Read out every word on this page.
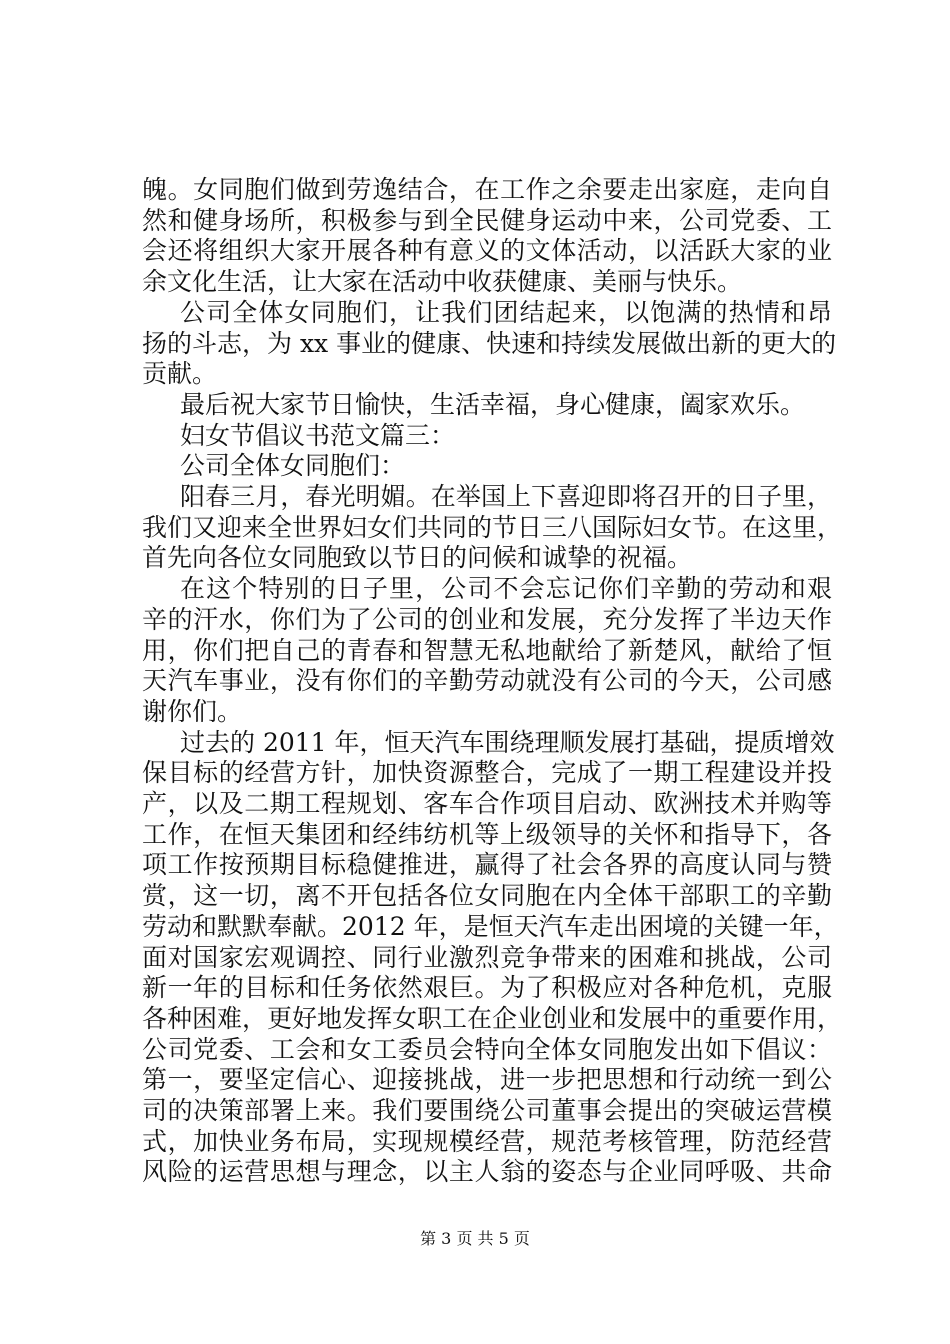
魄。女同胞们做到劳逸结合，在工作之余要走出家庭，走向自
然和健身场所，积极参与到全民健身运动中来，公司党委、工
会还将组织大家开展各种有意义的文体活动，以活跃大家的业
余文化生活，让大家在活动中收获健康、美丽与快乐。
公司全体女同胞们，让我们团结起来，以饱满的热情和昂
扬的斗志，为 xx 事业的健康、快速和持续发展做出新的更大的
贡献。
最后祝大家节日愉快，生活幸福，身心健康，阖家欢乐。
妇女节倡议书范文篇三：
公司全体女同胞们：
阳春三月，春光明媚。在举国上下喜迎即将召开的日子里，
我们又迎来全世界妇女们共同的节日三八国际妇女节。在这里，
首先向各位女同胞致以节日的问候和诚挚的祝福。
在这个特别的日子里，公司不会忘记你们辛勤的劳动和艰
辛的汗水，你们为了公司的创业和发展，充分发挥了半边天作
用，你们把自己的青春和智慧无私地献给了新楚风，献给了恒
天汽车事业，没有你们的辛勤劳动就没有公司的今天，公司感
谢你们。
过去的 2011 年，恒天汽车围绕理顺发展打基础，提质增效
保目标的经营方针，加快资源整合，完成了一期工程建设并投
产，以及二期工程规划、客车合作项目启动、欧洲技术并购等
工作，在恒天集团和经纬纺机等上级领导的关怀和指导下，各
项工作按预期目标稳健推进，赢得了社会各界的高度认同与赞
赏，这一切，离不开包括各位女同胞在内全体干部职工的辛勤
劳动和默默奉献。2012 年，是恒天汽车走出困境的关键一年，
面对国家宏观调控、同行业激烈竞争带来的困难和挑战，公司
新一年的目标和任务依然艰巨。为了积极应对各种危机，克服
各种困难，更好地发挥女职工在企业创业和发展中的重要作用，
公司党委、工会和女工委员会特向全体女同胞发出如下倡议：
第一，要坚定信心、迎接挑战，进一步把思想和行动统一到公
司的决策部署上来。我们要围绕公司董事会提出的突破运营模
式，加快业务布局，实现规模经营，规范考核管理，防范经营
风险的运营思想与理念，以主人翁的姿态与企业同呼吸、共命
第 3 页 共 5 页
